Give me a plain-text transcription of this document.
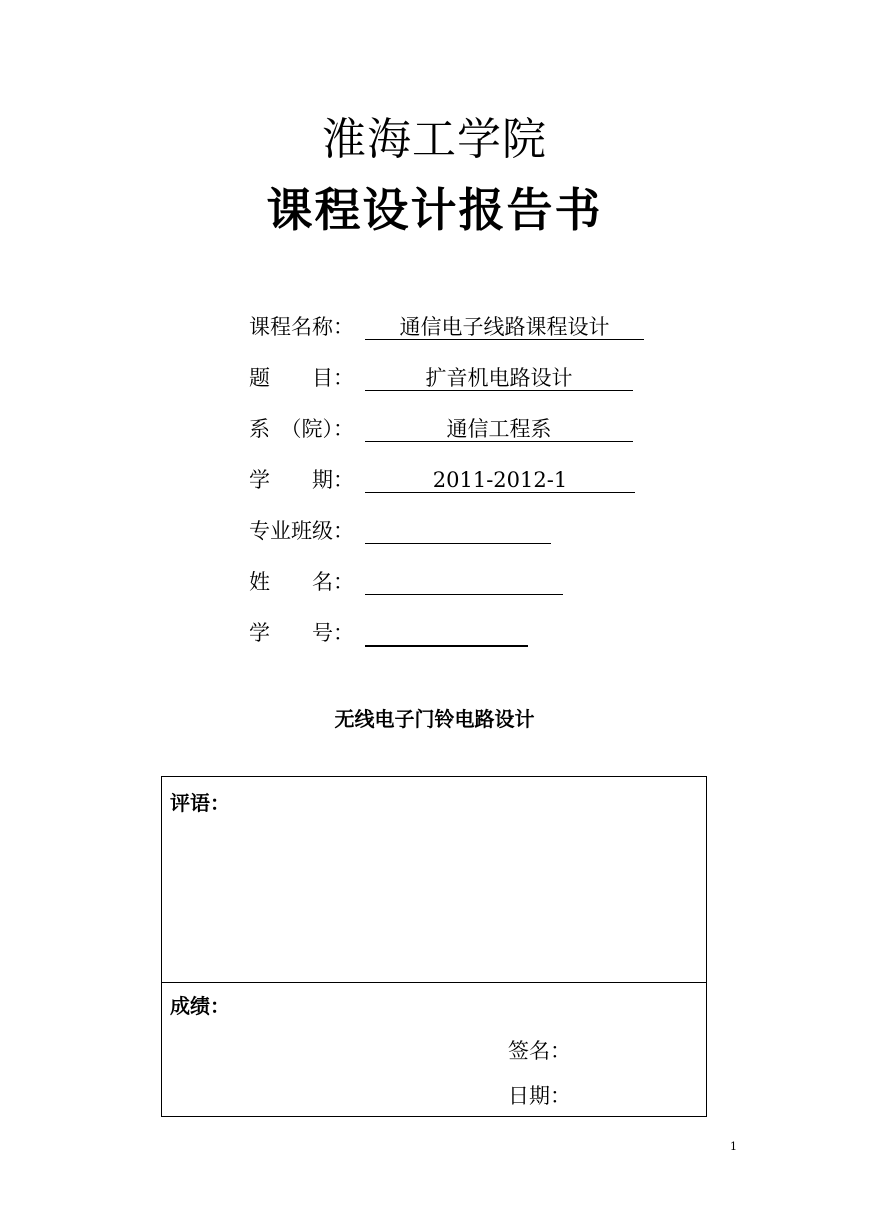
淮海工学院
课程设计报告书
课程名称：	通信电子线路课程设计
题　　目：	扩音机电路设计
系　（院）：	通信工程系
学　　期：	2011-2012-1
专业班级：
姓　　名：
学　　号：
无线电子门铃电路设计
评语：
成绩：
签名：
日期：
1
